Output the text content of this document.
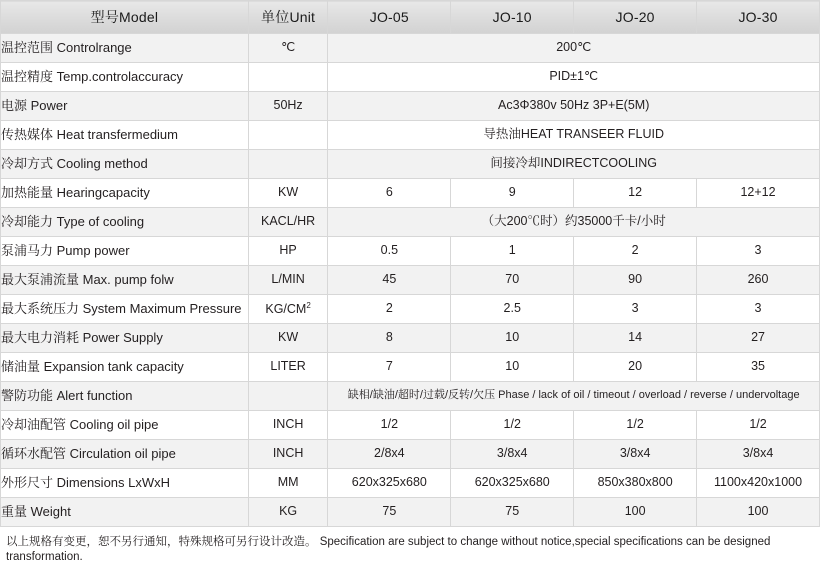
型号Model	单位Unit	JO-05	JO-10	JO-20	JO-30
温控范围 Controlrange	℃	200℃			
温控精度 Temp.controlaccuracy		PID±1℃			
电源 Power	50Hz	Ac3Φ380v 50Hz 3P+E(5M)			
传热媒体 Heat transfermedium		导热油HEAT TRANSEER FLUID			
冷却方式 Cooling method		间接冷却INDIRECTCOOLING			
加热能量 Hearingcapacity	KW	6	9	12	12+12
冷却能力 Type of cooling	KACL/HR	（大200℃时）约35000千卡/小时			
泵浦马力 Pump power	HP	0.5	1	2	3
最大泵浦流量 Max. pump folw	L/MIN	45	70	90	260
最大系统压力 System Maximum Pressure	$KG/CM^2$	2	2.5	3	3
最大电力消耗 Power Supply	KW	8	10	14	27
储油量 Expansion tank capacity	LITER	7	10	20	35
警防功能 Alert function		缺相/缺油/超时/过载/反转/欠压 Phase / lack of oil / timeout / overload / reverse / undervoltage			
冷却油配管 Cooling oil pipe	INCH	1/2	1/2	1/2	1/2
循环水配管 Circulation oil pipe	INCH	2/8x4	3/8x4	3/8x4	3/8x4
外形尺寸 Dimensions LxWxH	MM	620x325x680	620x325x680	850x380x800	1100x420x1000
重量 Weight	KG	75	75	100	100
以上规格有变更，恕不另行通知，特殊规格可另行设计改造。 Specification are subject to change without notice,special specifications can be designed transformation.
